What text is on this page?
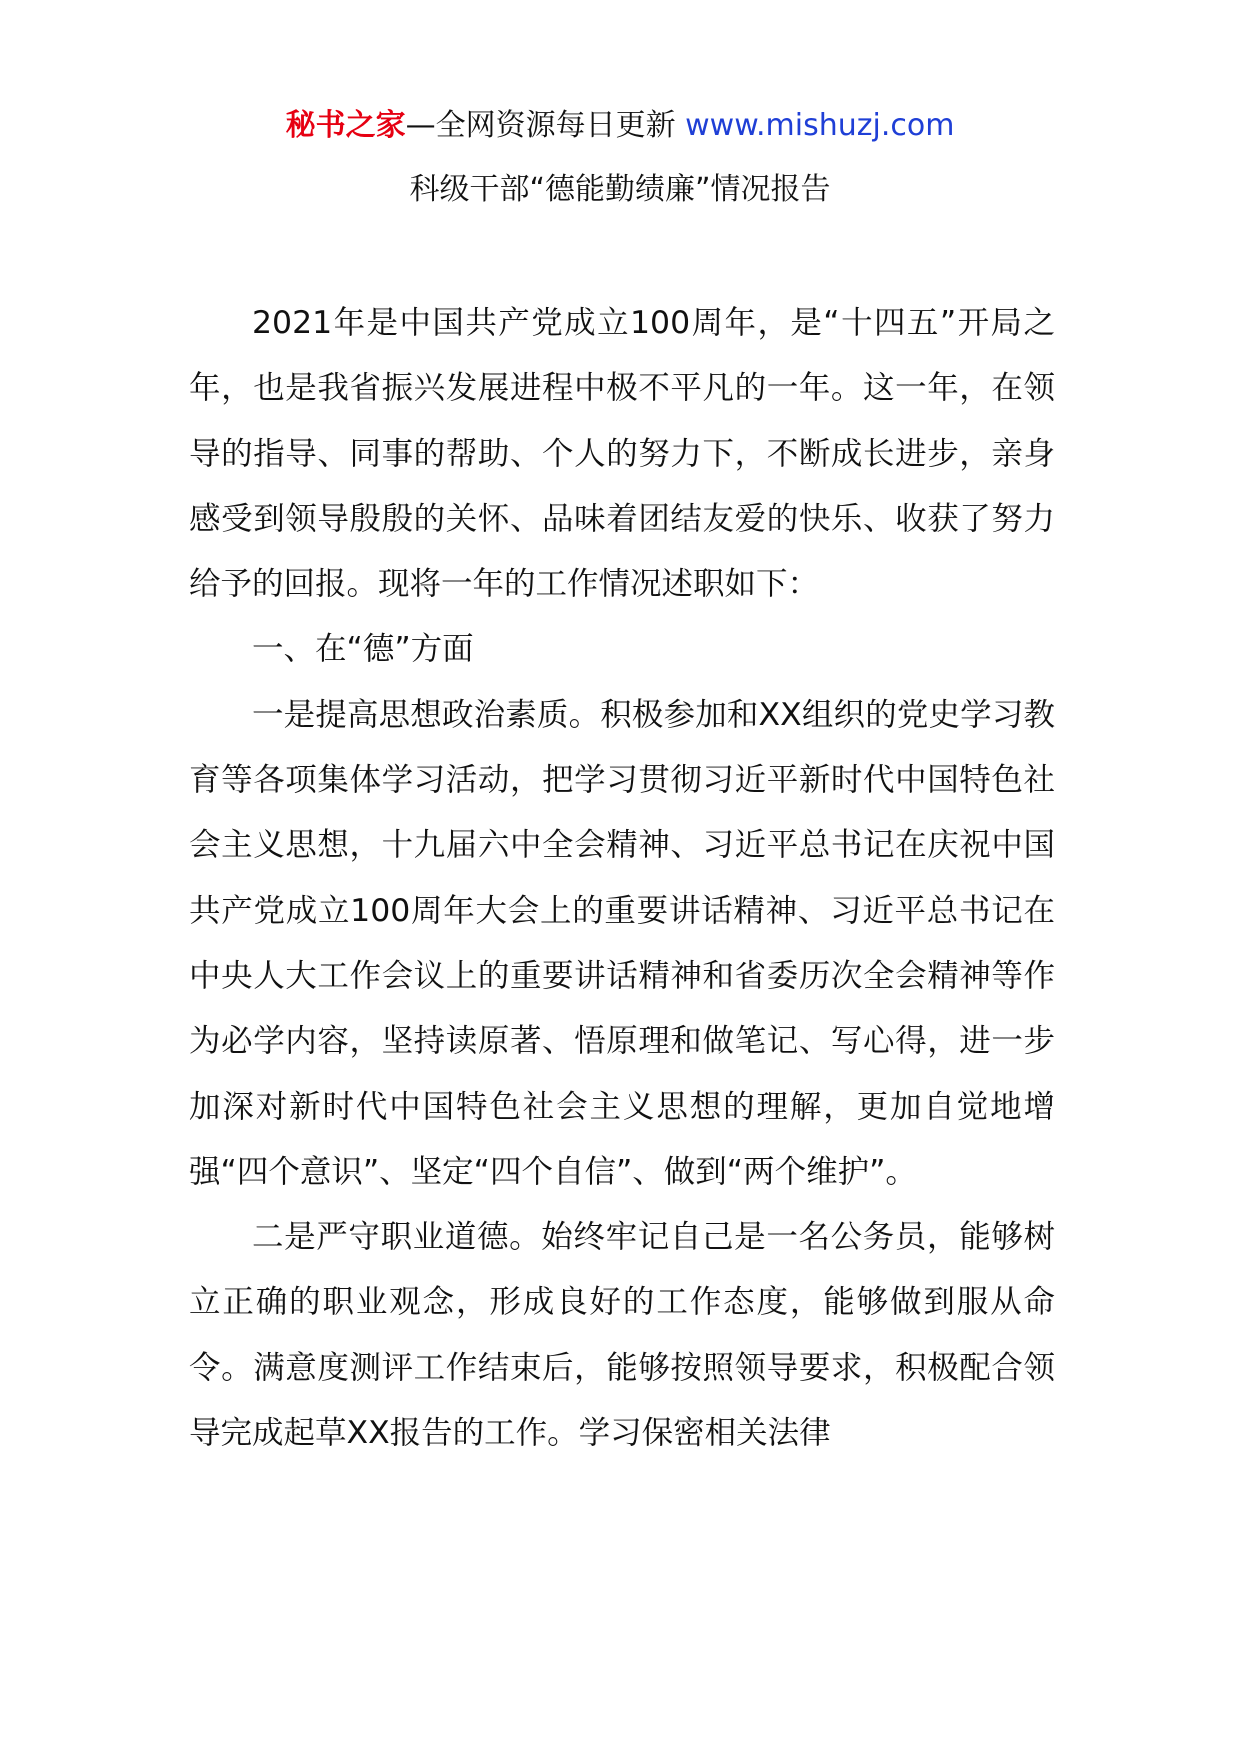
秘书之家—全网资源每日更新 www.mishuzj.com
科级干部“德能勤绩廉”情况报告

2021年是中国共产党成立100周年，是“十四五”开局之年，也是我省振兴发展进程中极不平凡的一年。这一年，在领导的指导、同事的帮助、个人的努力下，不断成长进步，亲身感受到领导殷殷的关怀、品味着团结友爱的快乐、收获了努力给予的回报。现将一年的工作情况述职如下：

一、在“德”方面

一是提高思想政治素质。积极参加和XX组织的党史学习教育等各项集体学习活动，把学习贯彻习近平新时代中国特色社会主义思想，十九届六中全会精神、习近平总书记在庆祝中国共产党成立100周年大会上的重要讲话精神、习近平总书记在中央人大工作会议上的重要讲话精神和省委历次全会精神等作为必学内容，坚持读原著、悟原理和做笔记、写心得，进一步加深对新时代中国特色社会主义思想的理解，更加自觉地增强“四个意识”、坚定“四个自信”、做到“两个维护”。

二是严守职业道德。始终牢记自己是一名公务员，能够树立正确的职业观念，形成良好的工作态度，能够做到服从命令。满意度测评工作结束后，能够按照领导要求，积极配合领导完成起草XX报告的工作。学习保密相关法律
